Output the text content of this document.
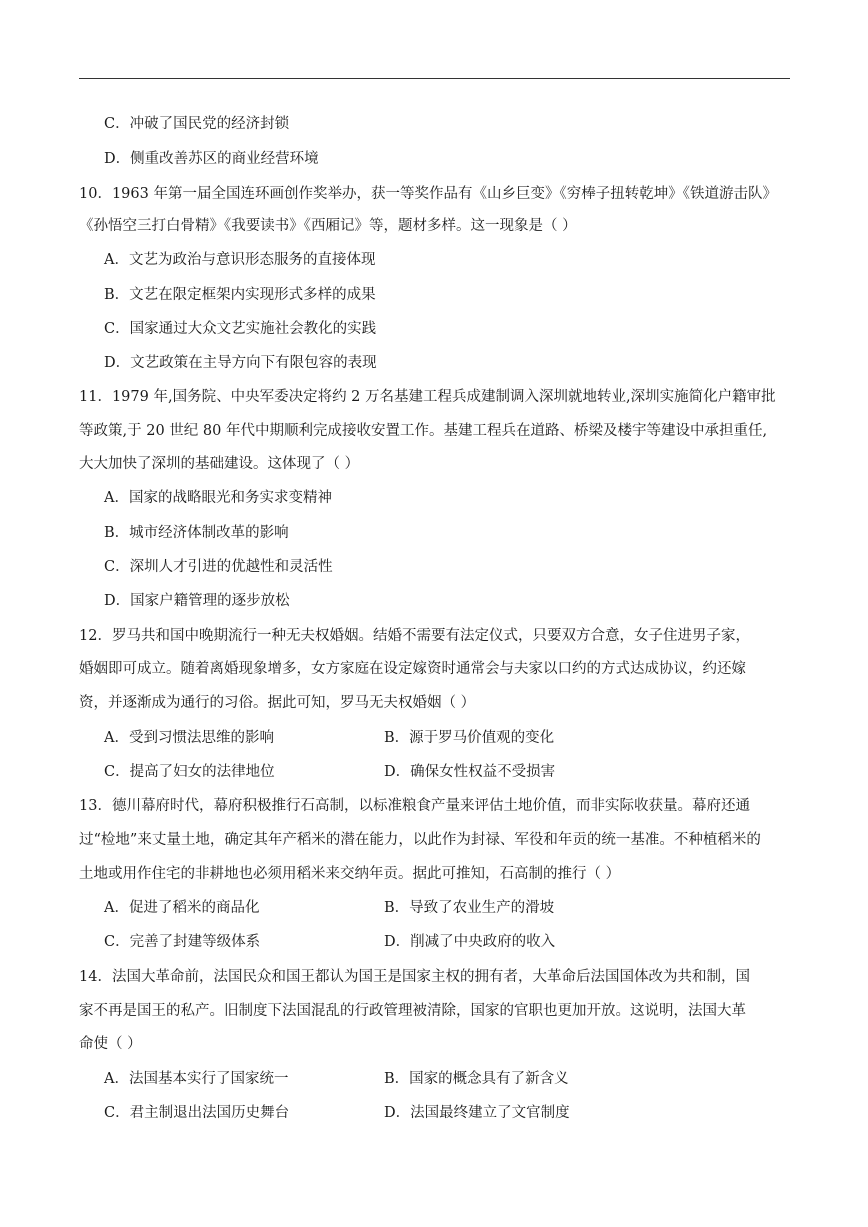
C．冲破了国民党的经济封锁
D．侧重改善苏区的商业经营环境
10．1963 年第一届全国连环画创作奖举办，获一等奖作品有《山乡巨变》《穷棒子扭转乾坤》《铁道游击队》
《孙悟空三打白骨精》《我要读书》《西厢记》等，题材多样。这一现象是（ ）
A．文艺为政治与意识形态服务的直接体现
B．文艺在限定框架内实现形式多样的成果
C．国家通过大众文艺实施社会教化的实践
D．文艺政策在主导方向下有限包容的表现
11．1979 年,国务院、中央军委决定将约 2 万名基建工程兵成建制调入深圳就地转业,深圳实施简化户籍审批
等政策,于 20 世纪 80 年代中期顺利完成接收安置工作。基建工程兵在道路、桥梁及楼宇等建设中承担重任,
大大加快了深圳的基础建设。这体现了（ ）
A．国家的战略眼光和务实求变精神
B．城市经济体制改革的影响
C．深圳人才引进的优越性和灵活性
D．国家户籍管理的逐步放松
12．罗马共和国中晚期流行一种无夫权婚姻。结婚不需要有法定仪式，只要双方合意，女子住进男子家，
婚姻即可成立。随着离婚现象增多，女方家庭在设定嫁资时通常会与夫家以口约的方式达成协议，约还嫁
资，并逐渐成为通行的习俗。据此可知，罗马无夫权婚姻（ ）
A．受到习惯法思维的影响	B．源于罗马价值观的变化
C．提高了妇女的法律地位	D．确保女性权益不受损害
13．德川幕府时代，幕府积极推行石高制，以标准粮食产量来评估土地价值，而非实际收获量。幕府还通
过“检地”来丈量土地，确定其年产稻米的潜在能力，以此作为封禄、军役和年贡的统一基准。不种植稻米的
土地或用作住宅的非耕地也必须用稻米来交纳年贡。据此可推知，石高制的推行（ ）
A．促进了稻米的商品化	B．导致了农业生产的滑坡
C．完善了封建等级体系	D．削减了中央政府的收入
14．法国大革命前，法国民众和国王都认为国王是国家主权的拥有者，大革命后法国国体改为共和制，国
家不再是国王的私产。旧制度下法国混乱的行政管理被清除，国家的官职也更加开放。这说明，法国大革
命使（ ）
A．法国基本实行了国家统一	B．国家的概念具有了新含义
C．君主制退出法国历史舞台	D．法国最终建立了文官制度
